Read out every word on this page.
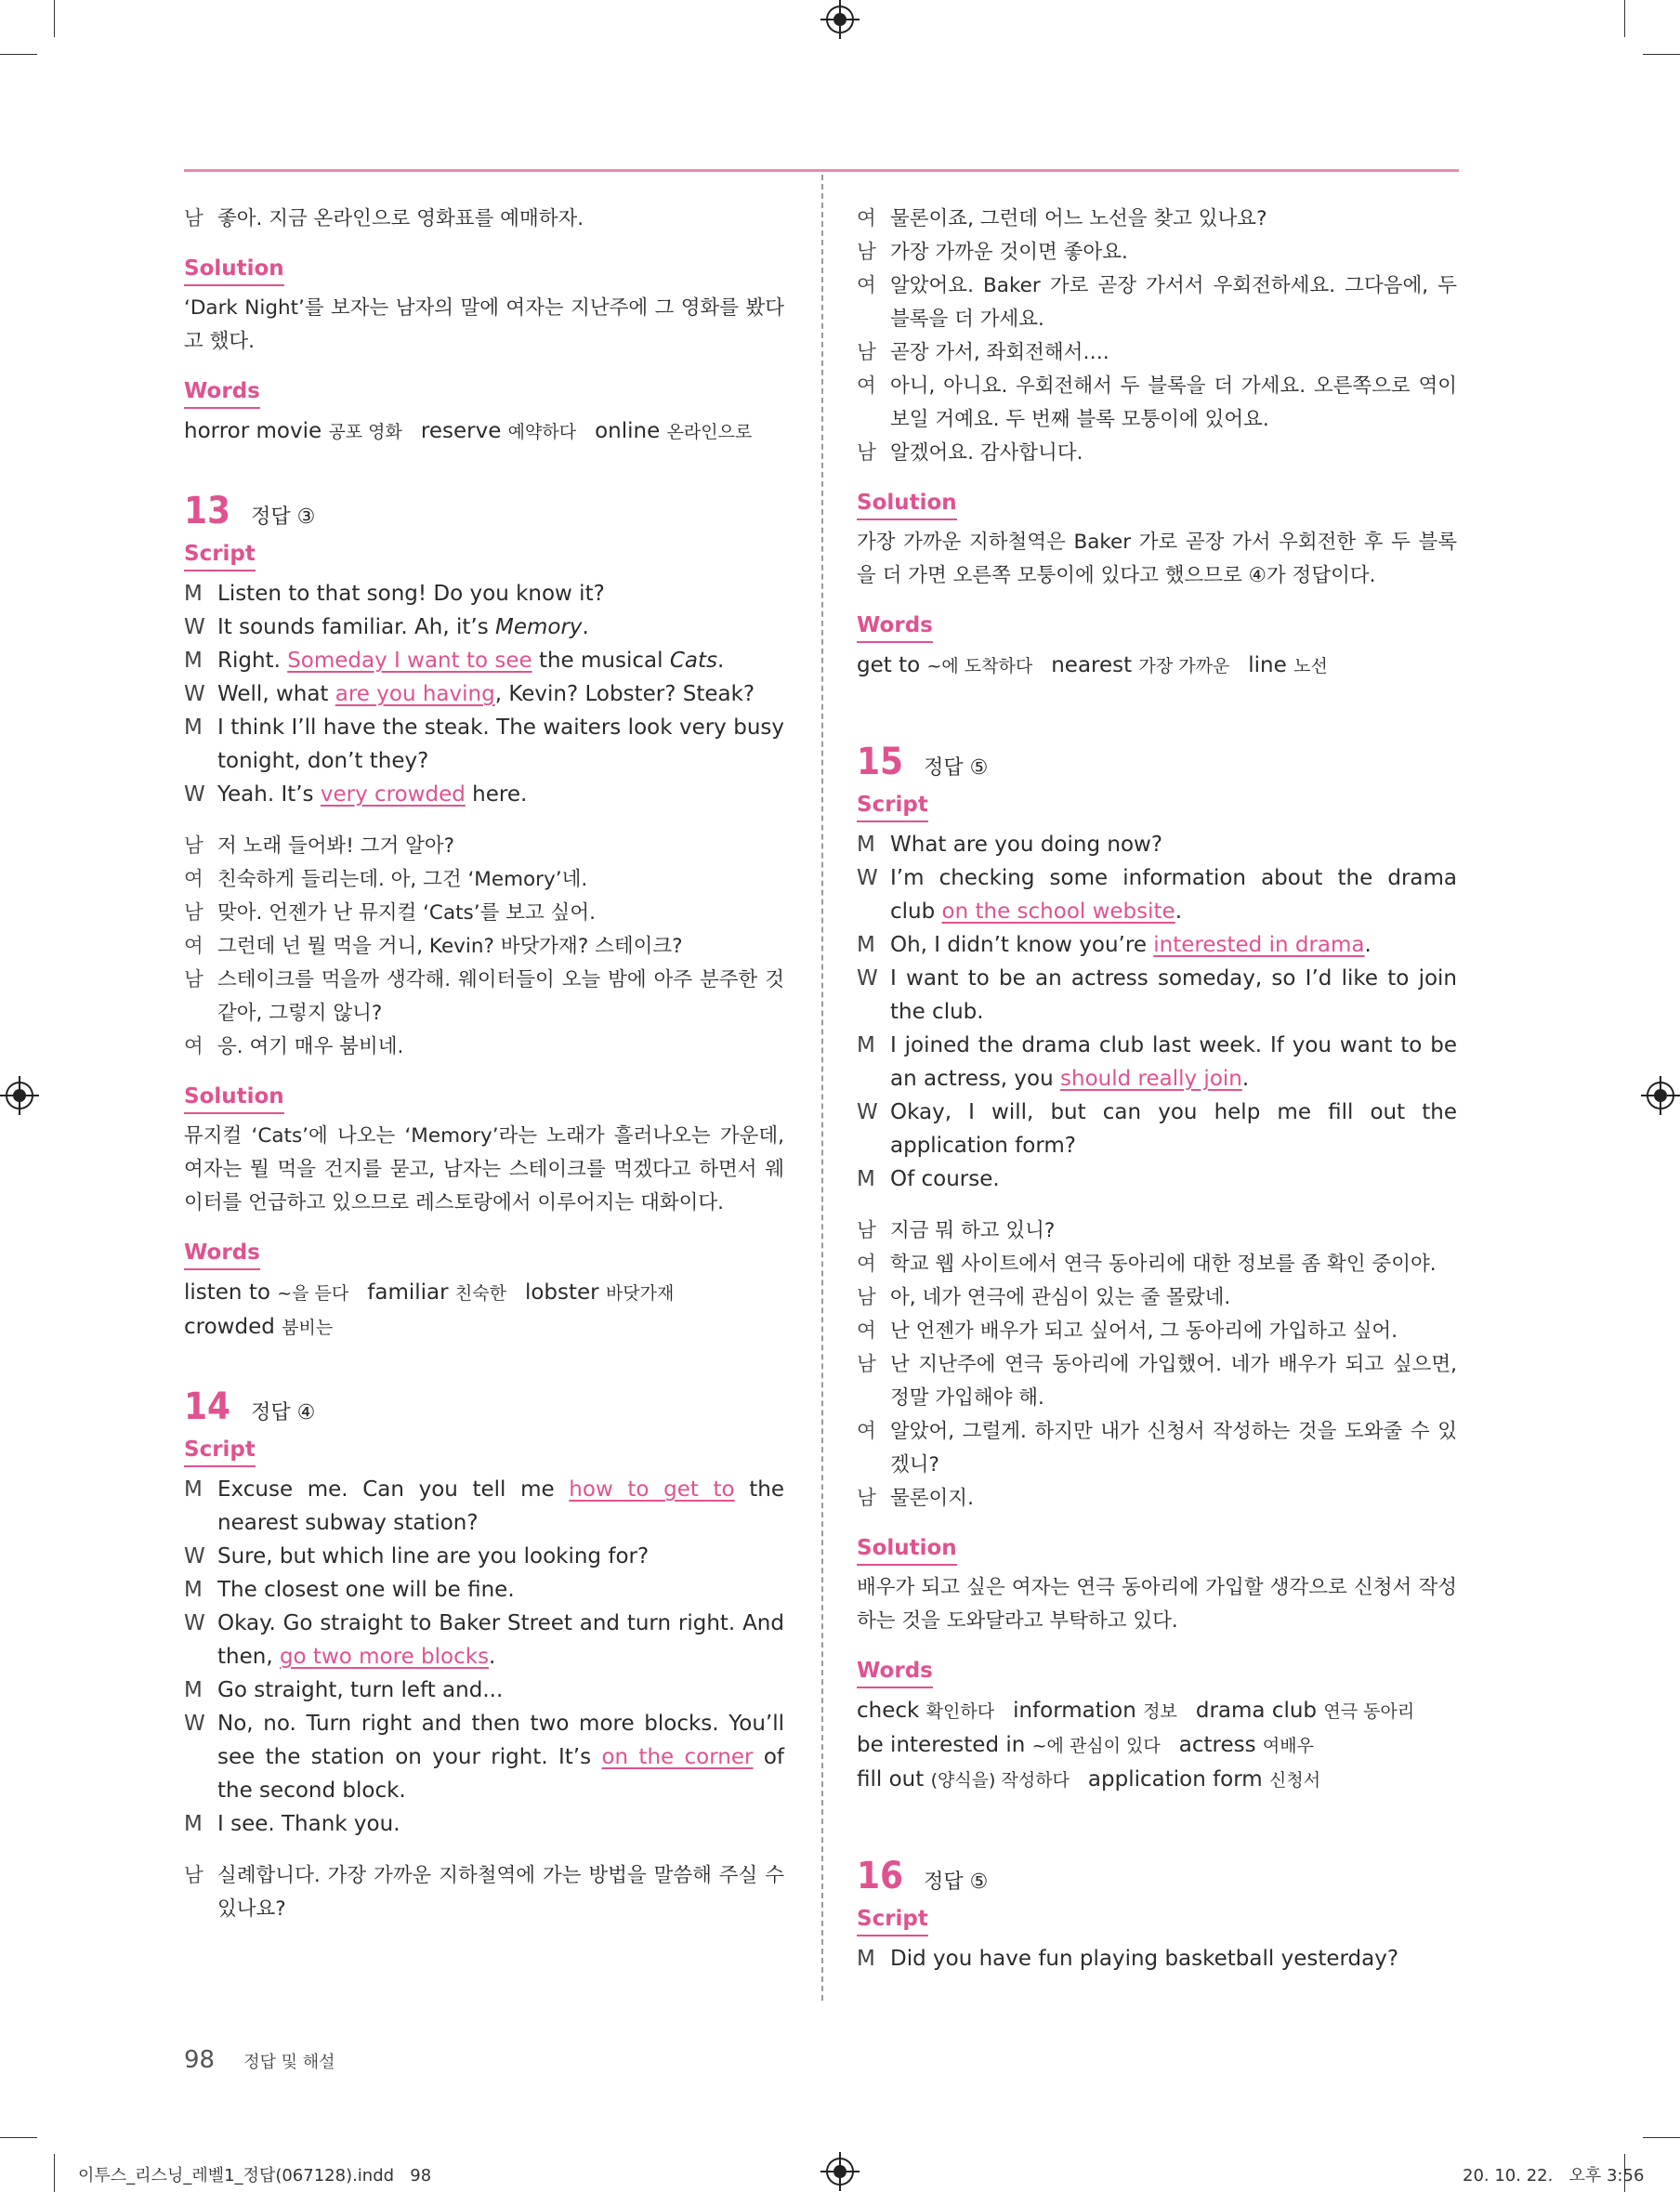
남 좋아. 지금 온라인으로 영화표를 예매하자.
Solution

‘Dark Night’를 보자는 남자의 말에 여자는 지난주에 그 영화를 봤다고 했다.

Words
horror movie 공포 영화 reserve 예약하다 online 온라인으로
13 정답 ③
Script
M Listen to that song! Do you know it?
W It sounds familiar. Ah, it’s Memory.
M Right. Someday I want to see the musical Cats.
W Well, what are you having, Kevin? Lobster? Steak?
M I think I’ll have the steak. The waiters look very busy tonight, don’t they?
W Yeah. It’s very crowded here.
남 저 노래 들어봐! 그거 알아?
여 친숙하게 들리는데. 아, 그건 ‘Memory’네.
남 맞아. 언젠가 난 뮤지컬 ‘Cats’를 보고 싶어.
여 그런데 넌 뭘 먹을 거니, Kevin? 바닷가재? 스테이크?
남 스테이크를 먹을까 생각해. 웨이터들이 오늘 밤에 아주 분주한 것 같아, 그렇지 않니?
여 응. 여기 매우 붐비네.
Solution

뮤지컬 ‘Cats’에 나오는 ‘Memory’라는 노래가 흘러나오는 가운데, 여자는 뭘 먹을 건지를 묻고, 남자는 스테이크를 먹겠다고 하면서 웨이터를 언급하고 있으므로 레스토랑에서 이루어지는 대화이다.

Words
listen to ~을 듣다 familiar 친숙한 lobster 바닷가재
crowded 붐비는
14 정답 ④
Script
M Excuse me. Can you tell me how to get to the nearest subway station?
W Sure, but which line are you looking for?
M The closest one will be fine.
W Okay. Go straight to Baker Street and turn right. And then, go two more blocks.
M Go straight, turn left and...
W No, no. Turn right and then two more blocks. You’ll see the station on your right. It’s on the corner of the second block.
M I see. Thank you.
남 실례합니다. 가장 가까운 지하철역에 가는 방법을 말씀해 주실 수 있나요?
여 물론이죠, 그런데 어느 노선을 찾고 있나요?
남 가장 가까운 것이면 좋아요.
여 알았어요. Baker 가로 곧장 가서서 우회전하세요. 그다음에, 두 블록을 더 가세요.
남 곧장 가서, 좌회전해서….
여 아니, 아니요. 우회전해서 두 블록을 더 가세요. 오른쪽으로 역이 보일 거예요. 두 번째 블록 모퉁이에 있어요.
남 알겠어요. 감사합니다.
Solution

가장 가까운 지하철역은 Baker 가로 곧장 가서 우회전한 후 두 블록을 더 가면 오른쪽 모퉁이에 있다고 했으므로 ④가 정답이다.

Words
get to ~에 도착하다 nearest 가장 가까운 line 노선
15 정답 ⑤
Script
M What are you doing now?
W I’m checking some information about the drama club on the school website.
M Oh, I didn’t know you’re interested in drama.
W I want to be an actress someday, so I’d like to join the club.
M I joined the drama club last week. If you want to be an actress, you should really join.
W Okay, I will, but can you help me fill out the application form?
M Of course.
남 지금 뭐 하고 있니?
여 학교 웹 사이트에서 연극 동아리에 대한 정보를 좀 확인 중이야.
남 아, 네가 연극에 관심이 있는 줄 몰랐네.
여 난 언젠가 배우가 되고 싶어서, 그 동아리에 가입하고 싶어.
남 난 지난주에 연극 동아리에 가입했어. 네가 배우가 되고 싶으면, 정말 가입해야 해.
여 알았어, 그럴게. 하지만 내가 신청서 작성하는 것을 도와줄 수 있겠니?
남 물론이지.
Solution

배우가 되고 싶은 여자는 연극 동아리에 가입할 생각으로 신청서 작성하는 것을 도와달라고 부탁하고 있다.

Words
check 확인하다 information 정보 drama club 연극 동아리
be interested in ~에 관심이 있다 actress 여배우
fill out (양식을) 작성하다 application form 신청서
16 정답 ⑤
Script
M Did you have fun playing basketball yesterday?
98 정답 및 해설
이투스_리스닝_레벨1_정답(067128).indd   98	20. 10. 22.   오후 3:56
